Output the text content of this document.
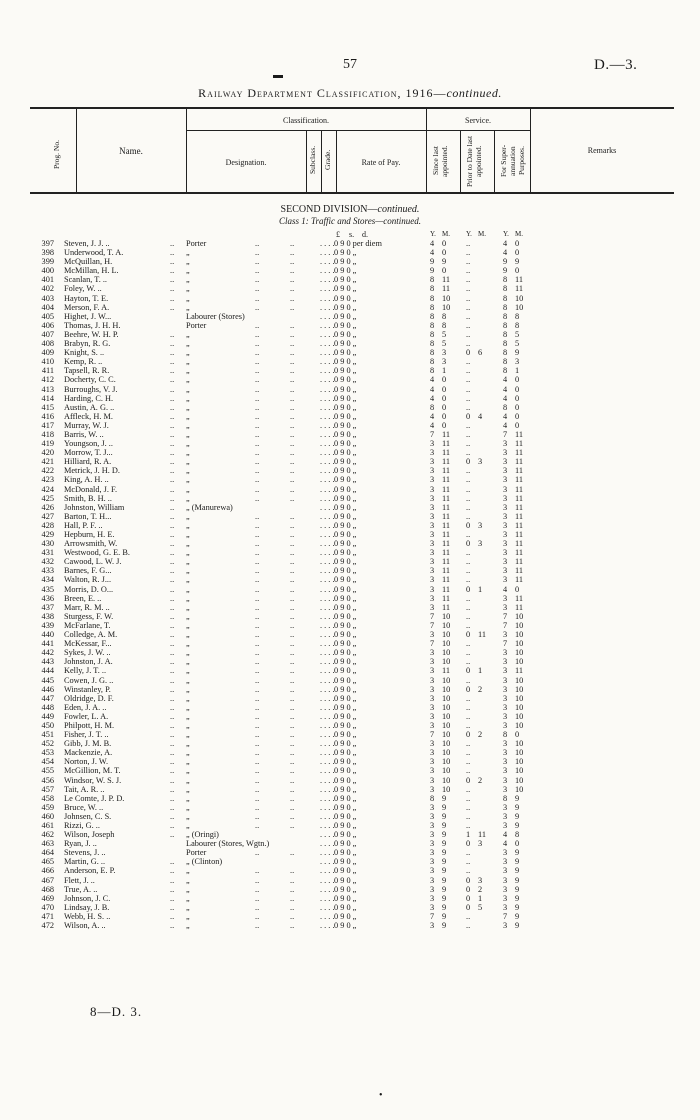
57	D.—3.
▬
Railway Department Classification, 1916—continued.
Prog. No.	Name.
Classification.
Designation.	Subclass. Grade.	Rate of Pay.
Service.
Since last appointed.	Prior to Date last appointed.	For Super- annuation Purposes.	Remarks
SECOND DIVISION—continued.
Class 1: Traffic and Stores—continued.
£ s. d.	Y. M. Y. M. Y. M.
397 Steven, J. J. ..	.. Porter	..	..	. . . . 0 9 0 per diem	4 0 ..	4 0
398 Underwood, T. A.	.. „	..	..	. . . . 0 9 0 „	4 0 ..	4 0
399 McQuillan, H.	.. „	..	..	. . . . 0 9 0 „	9 9 ..	9 9
400 McMillan, H. L.	.. „	..	..	. . . . 0 9 0 „	9 0 ..	9 0
401 Scanlan, T. ..	.. „	..	..	. . . . 0 9 0 „	8 11 ..	8 11
402 Foley, W. ..	.. „	..	..	. . . . 0 9 0 „	8 11 ..	8 11
403 Hayton, T. E.	.. „	..	..	. . . . 0 9 0 „	8 10 ..	8 10
404 Merson, F. A.	.. „	..	..	. . . . 0 9 0 „	8 10 ..	8 10
405 Highet, J. W...	Labourer (Stores)	. . . . 0 9 0 „	8 8 ..	8 8
406 Thomas, J. H. H.	Porter	..	..	. . . . 0 9 0 „	8 8 ..	8 8
407 Beehre, W. H. P.	.. „	..	..	. . . . 0 9 0 „	8 5 ..	8 5
408 Brabyn, R. G.	.. „	..	..	. . . . 0 9 0 „	8 5 ..	8 5
409 Knight, S. ..	.. „	..	..	. . . . 0 9 0 „	8 3 0 6	8 9
410 Kemp, R. ..	.. „	..	..	. . . . 0 9 0 „	8 3 ..	8 3
411 Tapsell, R. R.	.. „	..	..	. . . . 0 9 0 „	8 1 ..	8 1
412 Docherty, C. C.	.. „	..	..	. . . . 0 9 0 „	4 0 ..	4 0
413 Burroughs, V. J.	.. „	..	..	. . . . 0 9 0 „	4 0 ..	4 0
414 Harding, C. H.	.. „	..	..	. . . . 0 9 0 „	4 0 ..	4 0
415 Austin, A. G. ..	.. „	..	..	. . . . 0 9 0 „	8 0 ..	8 0
416 Affleck, H. M.	.. „	..	..	. . . . 0 9 0 „	4 0 0 4	4 0
417 Murray, W. J.	.. „	..	..	. . . . 0 9 0 „	4 0 ..	4 0
418 Barris, W. ..	.. „	..	..	. . . . 0 9 0 „	7 11 ..	7 11
419 Youngson, J. ..	.. „	..	..	. . . . 0 9 0 „	3 11 ..	3 11
420 Morrow, T. J...	.. „	..	..	. . . . 0 9 0 „	3 11 ..	3 11
421 Hilliard, R. A.	.. „	..	..	. . . . 0 9 0 „	3 11 0 3	3 11
422 Metrick, J. H. D.	.. „	..	..	. . . . 0 9 0 „	3 11 ..	3 11
423 King, A. H. ..	.. „	..	..	. . . . 0 9 0 „	3 11 ..	3 11
424 McDonald, J. F.	.. „	..	..	. . . . 0 9 0 „	3 11 ..	3 11
425 Smith, B. H. ..	.. „	..	..	. . . . 0 9 0 „	3 11 ..	3 11
426 Johnston, William	.. „ (Manurewa)	. . . . 0 9 0 „	3 11 ..	3 11
427 Barton, T. H...	.. „	..	..	. . . . 0 9 0 „	3 11 ..	3 11
428 Hall, P. F. ..	.. „	..	..	. . . . 0 9 0 „	3 11 0 3	3 11
429 Hepburn, H. E.	.. „	..	..	. . . . 0 9 0 „	3 11 ..	3 11
430 Arrowsmith, W.	.. „	..	..	. . . . 0 9 0 „	3 11 0 3	3 11
431 Westwood, G. E. B.	.. „	..	..	. . . . 0 9 0 „	3 11 ..	3 11
432 Cawood, L. W. J.	.. „	..	..	. . . . 0 9 0 „	3 11 ..	3 11
433 Barnes, F. G...	.. „	..	..	. . . . 0 9 0 „	3 11 ..	3 11
434 Walton, R. J...	.. „	..	..	. . . . 0 9 0 „	3 11 ..	3 11
435 Morris, D. O...	.. „	..	..	. . . . 0 9 0 „	3 11 0 1	4 0
436 Breen, E. ..	.. „	..	..	. . . . 0 9 0 „	3 11 ..	3 11
437 Marr, R. M. ..	.. „	..	..	. . . . 0 9 0 „	3 11 ..	3 11
438 Sturgess, F. W.	.. „	..	..	. . . . 0 9 0 „	7 10 ..	7 10
439 McFarlane, T.	.. „	..	..	. . . . 0 9 0 „	7 10 ..	7 10
440 Colledge, A. M.	.. „	..	..	. . . . 0 9 0 „	3 10 0 11 3 10
441 McKessar, F...	.. „	..	..	. . . . 0 9 0 „	7 10 ..	7 10
442 Sykes, J. W. ..	.. „	..	..	. . . . 0 9 0 „	3 10 ..	3 10
443 Johnston, J. A.	.. „	..	..	. . . . 0 9 0 „	3 10 ..	3 10
444 Kelly, J. T. ..	.. „	..	..	. . . . 0 9 0 „	3 11 0 1	3 11
445 Cowen, J. G. ..	.. „	..	..	. . . . 0 9 0 „	3 10 ..	3 10
446 Winstanley, P.	.. „	..	..	. . . . 0 9 0 „	3 10 0 2	3 10
447 Oldridge, D. F.	.. „	..	..	. . . . 0 9 0 „	3 10 ..	3 10
448 Eden, J. A. ..	.. „	..	..	. . . . 0 9 0 „	3 10 ..	3 10
449 Fowler, L. A.	.. „	..	..	. . . . 0 9 0 „	3 10 ..	3 10
450 Philpott, H. M.	.. „	..	..	. . . . 0 9 0 „	3 10 ..	3 10
451 Fisher, J. T. ..	.. „	..	..	. . . . 0 9 0 „	7 10 0 2	8 0
452 Gibb, J. M. B.	.. „	..	..	. . . . 0 9 0 „	3 10 ..	3 10
453 Mackenzie, A.	.. „	..	..	. . . . 0 9 0 „	3 10 ..	3 10
454 Norton, J. W.	.. „	..	..	. . . . 0 9 0 „	3 10 ..	3 10
455 McGillion, M. T.	.. „	..	..	. . . . 0 9 0 „	3 10 ..	3 10
456 Windsor, W. S. J.	.. „	..	..	. . . . 0 9 0 „	3 10 0 2	3 10
457 Tait, A. R. ..	.. „	..	..	. . . . 0 9 0 „	3 10 ..	3 10
458 Le Comte, J. P. D.	.. „	..	..	. . . . 0 9 0 „	8 9 ..	8 9
459 Bruce, W. ..	.. „	..	..	. . . . 0 9 0 „	3 9 ..	3 9
460 Johnsen, C. S.	.. „	..	..	. . . . 0 9 0 „	3 9 ..	3 9
461 Rizzi, G. ..	.. „	..	..	. . . . 0 9 0 „	3 9 ..	3 9
462 Wilson, Joseph	.. „ (Oringi)	. . . . 0 9 0 „	3 9 1 11 4 8
463 Ryan, J. ..	Labourer (Stores, Wgtn.)	. . . . 0 9 0 „	3 9 0 3	4 0
464 Stevens, J. ..	Porter	..	..	. . . . 0 9 0 „	3 9 ..	3 9
465 Martin, G. ..	.. „ (Clinton)	. . . . 0 9 0 „	3 9 ..	3 9
466 Anderson, E. P.	.. „	..	..	. . . . 0 9 0 „	3 9 ..	3 9
467 Flett, J. ..	.. „	..	..	. . . . 0 9 0 „	3 9 0 3	3 9
468 True, A. ..	.. „	..	..	. . . . 0 9 0 „	3 9 0 2	3 9
469 Johnson, J. C.	.. „	..	..	. . . . 0 9 0 „	3 9 0 1	3 9
470 Lindsay, J. B.	.. „	..	..	. . . . 0 9 0 „	3 9 0 5	3 9
471 Webb, H. S. ..	.. „	..	..	. . . . 0 9 0 „	7 9 ..	7 9
472 Wilson, A. ..	.. „	..	..	. . . . 0 9 0 „	3 9 ..	3 9
8—D. 3.
•
